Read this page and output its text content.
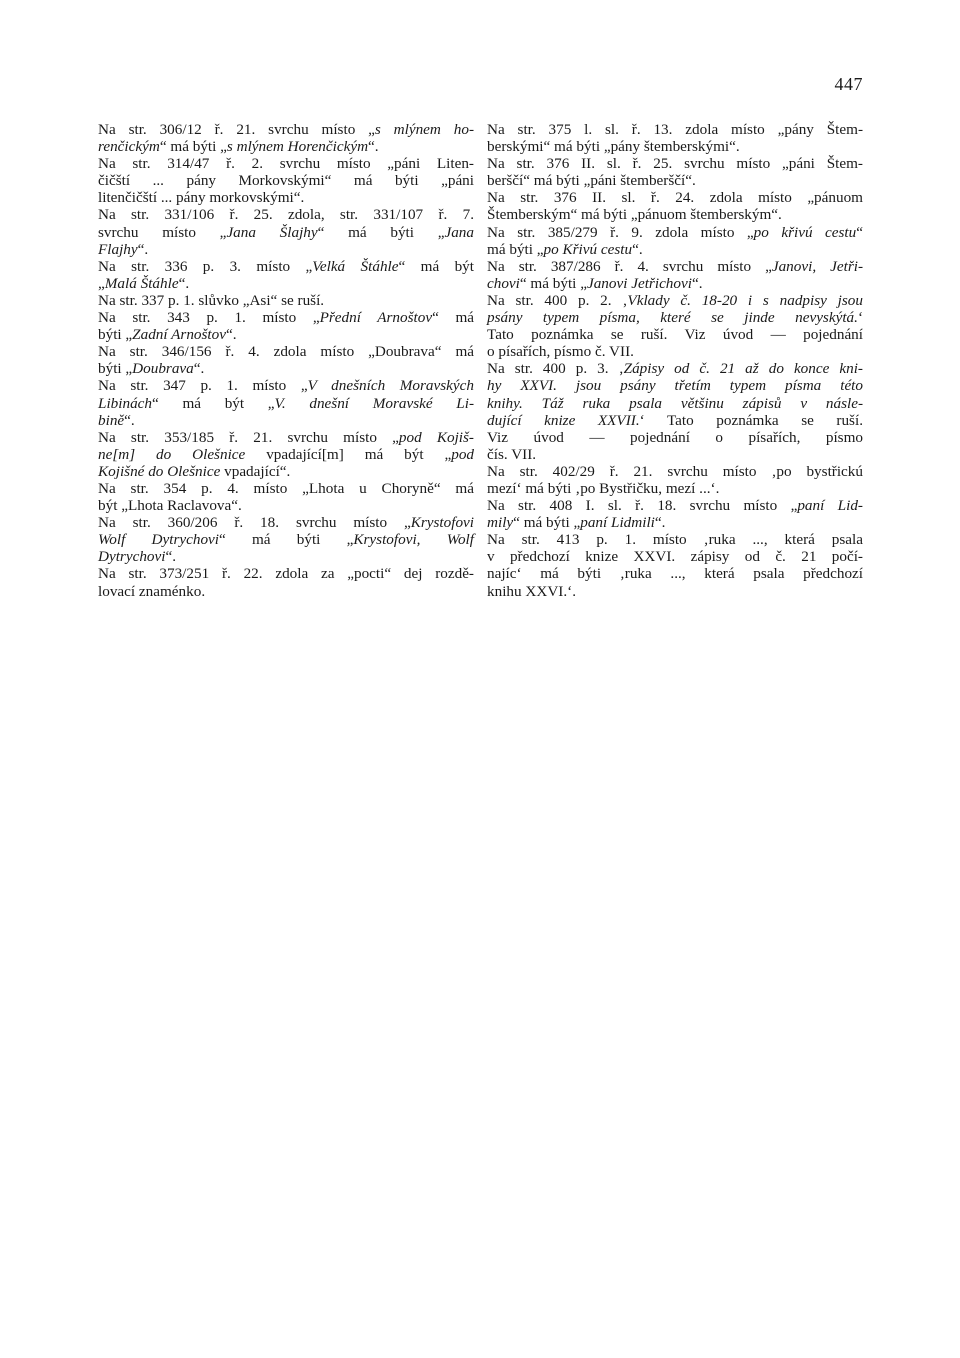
447
Na str. 306/12 ř. 21. svrchu místo „s mlýnem ho-
renčickým“ má býti „s mlýnem Horenčickým“.
Na str. 314/47 ř. 2. svrchu místo „páni Liten-
čičští ... pány Morkovskými“ má býti „páni
litenčičští ... pány morkovskými“.
Na str. 331/106 ř. 25. zdola, str. 331/107 ř. 7.
svrchu místo „Jana Šlajhy“ má býti „Jana
Flajhy“.
Na str. 336 p. 3. místo „Velká Štáhle“ má být
„Malá Štáhle“.
Na str. 337 p. 1. slůvko „Asi“ se ruší.
Na str. 343 p. 1. místo „Přední Arnoštov“ má
býti „Zadní Arnoštov“.
Na str. 346/156 ř. 4. zdola místo „Doubrava“ má
býti „Doubrava“.
Na str. 347 p. 1. místo „V dnešních Moravských
Libinách“ má být „V. dnešní Moravské Li-
bině“.
Na str. 353/185 ř. 21. svrchu místo „pod Kojiš-
ne[m] do Olešnice vpadající[m] má být „pod
Kojišné do Olešnice vpadající“.
Na str. 354 p. 4. místo „Lhota u Choryně“ má
být „Lhota Raclavova“.
Na str. 360/206 ř. 18. svrchu místo „Krystofovi
Wolf Dytrychovi“ má býti „Krystofovi, Wolf
Dytrychovi“.
Na str. 373/251 ř. 22. zdola za „pocti“ dej rozdě-
lovací znaménko.
Na str. 375 l. sl. ř. 13. zdola místo „pány Štem-
berskými“ má býti „pány štemberskými“.
Na str. 376 II. sl. ř. 25. svrchu místo „páni Štem-
berščí“ má býti „páni štemberščí“.
Na str. 376 II. sl. ř. 24. zdola místo „pánuom
Štemberským“ má býti „pánuom štemberským“.
Na str. 385/279 ř. 9. zdola místo „po křivú cestu“
má býti „po Křivú cestu“.
Na str. 387/286 ř. 4. svrchu místo „Janovi, Jetři-
chovi“ má býti „Janovi Jetřichovi“.
Na str. 400 p. 2. ‚Vklady č. 18-20 i s nadpisy jsou
psány typem písma, které se jinde nevyskýtá.‘
Tato poznámka se ruší. Viz úvod — pojednání
o písařích, písmo č. VII.
Na str. 400 p. 3. ‚Zápisy od č. 21 až do konce kni-
hy XXVI. jsou psány třetím typem písma této
knihy. Táž ruka psala většinu zápisů v násle-
dující knize XXVII.‘ Tato poznámka se ruší.
Viz úvod — pojednání o písařích, písmo
čís. VII.
Na str. 402/29 ř. 21. svrchu místo ‚po bystřickú
mezí‘ má býti ‚po Bystřičku, mezí ...‘.
Na str. 408 I. sl. ř. 18. svrchu místo „paní Lid-
mily“ má býti „paní Lidmili“.
Na str. 413 p. 1. místo ‚ruka ..., která psala
v předchozí knize XXVI. zápisy od č. 21 počí-
najíc‘ má býti ‚ruka ..., která psala předchozí
knihu XXVI.‘.
